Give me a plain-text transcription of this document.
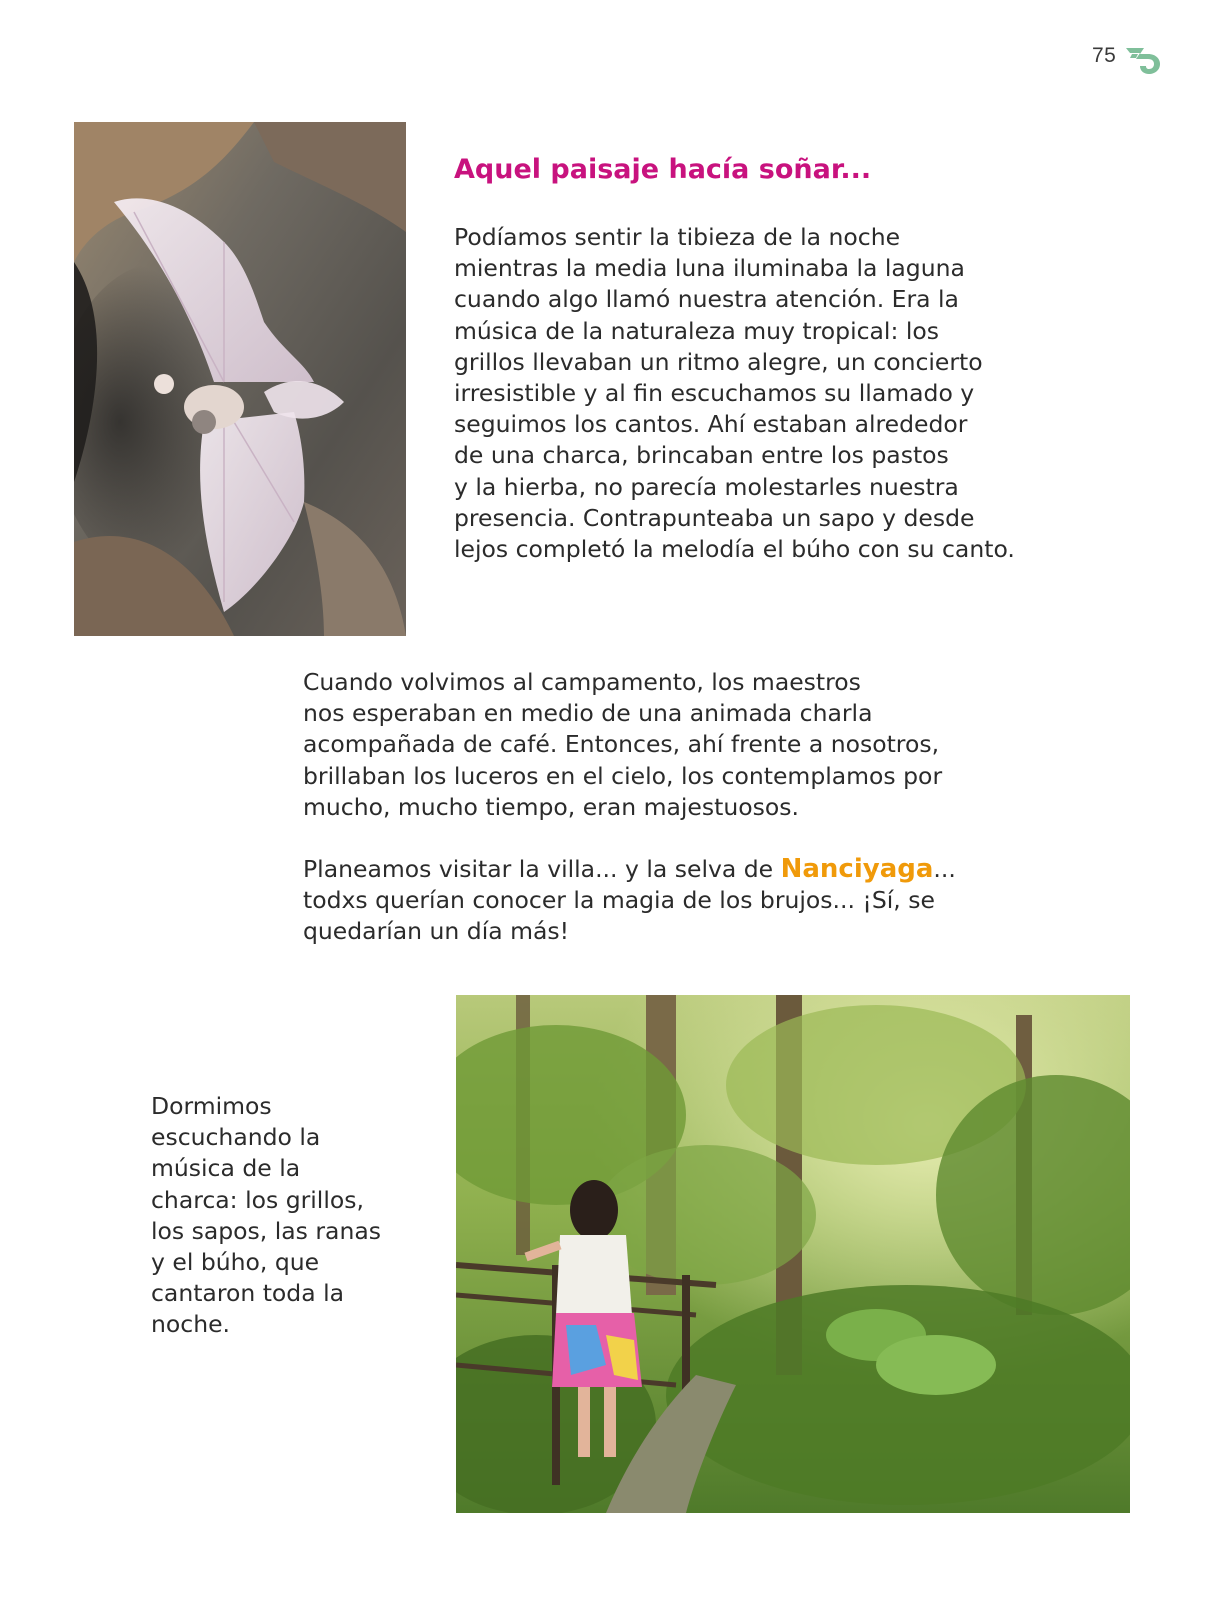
75
Aquel paisaje hacía soñar...

Podíamos sentir la tibieza de la noche
mientras la media luna iluminaba la laguna
cuando algo llamó nuestra atención. Era la
música de la naturaleza muy tropical: los
grillos llevaban un ritmo alegre, un concierto
irresistible y al fin escuchamos su llamado y
seguimos los cantos. Ahí estaban alrededor
de una charca, brincaban entre los pastos
y la hierba, no parecía molestarles nuestra
presencia. Contrapunteaba un sapo y desde
lejos completó la melodía el búho con su canto.

Cuando volvimos al campamento, los maestros
nos esperaban en medio de una animada charla
acompañada de café. Entonces, ahí frente a nosotros,
brillaban los luceros en el cielo, los contemplamos por
mucho, mucho tiempo, eran majestuosos.

Planeamos visitar la villa... y la selva de Nanciyaga...
todxs querían conocer la magia de los brujos... ¡Sí, se
quedarían un día más!

Dormimos
escuchando la
música de la
charca: los grillos,
los sapos, las ranas
y el búho, que
cantaron toda la
noche.
